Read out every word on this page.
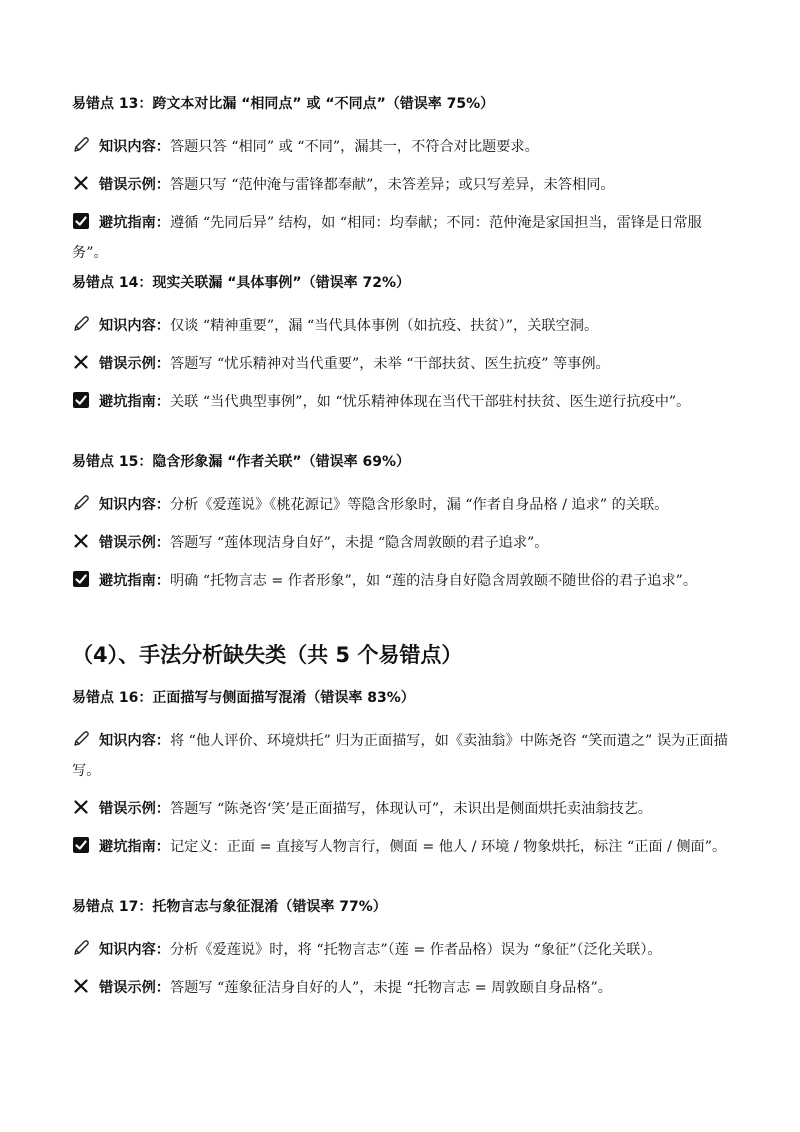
易错点 13：跨文本对比漏 “相同点” 或 “不同点”（错误率 75%）
知识内容：答题只答 “相同” 或 “不同”，漏其一，不符合对比题要求。
错误示例：答题只写 “范仲淹与雷锋都奉献”，未答差异；或只写差异，未答相同。
避坑指南：遵循 “先同后异” 结构，如 “相同：均奉献；不同：范仲淹是家国担当，雷锋是日常服务”。
易错点 14：现实关联漏 “具体事例”（错误率 72%）
知识内容：仅谈 “精神重要”，漏 “当代具体事例（如抗疫、扶贫）”，关联空洞。
错误示例：答题写 “忧乐精神对当代重要”，未举 “干部扶贫、医生抗疫” 等事例。
避坑指南：关联 “当代典型事例”，如 “忧乐精神体现在当代干部驻村扶贫、医生逆行抗疫中”。
易错点 15：隐含形象漏 “作者关联”（错误率 69%）
知识内容：分析《爱莲说》《桃花源记》等隐含形象时，漏 “作者自身品格 / 追求” 的关联。
错误示例：答题写 “莲体现洁身自好”，未提 “隐含周敦颐的君子追求”。
避坑指南：明确 “托物言志 = 作者形象”，如 “莲的洁身自好隐含周敦颐不随世俗的君子追求”。
（4）、手法分析缺失类（共 5 个易错点）
易错点 16：正面描写与侧面描写混淆（错误率 83%）
知识内容：将 “他人评价、环境烘托” 归为正面描写，如《卖油翁》中陈尧咨 “笑而遣之” 误为正面描写。
错误示例：答题写 “陈尧咨‘笑’是正面描写，体现认可”，未识出是侧面烘托卖油翁技艺。
避坑指南：记定义：正面 = 直接写人物言行，侧面 = 他人 / 环境 / 物象烘托，标注 “正面 / 侧面”。
易错点 17：托物言志与象征混淆（错误率 77%）
知识内容：分析《爱莲说》时，将 “托物言志”（莲 = 作者品格）误为 “象征”（泛化关联）。
错误示例：答题写 “莲象征洁身自好的人”，未提 “托物言志 = 周敦颐自身品格”。
